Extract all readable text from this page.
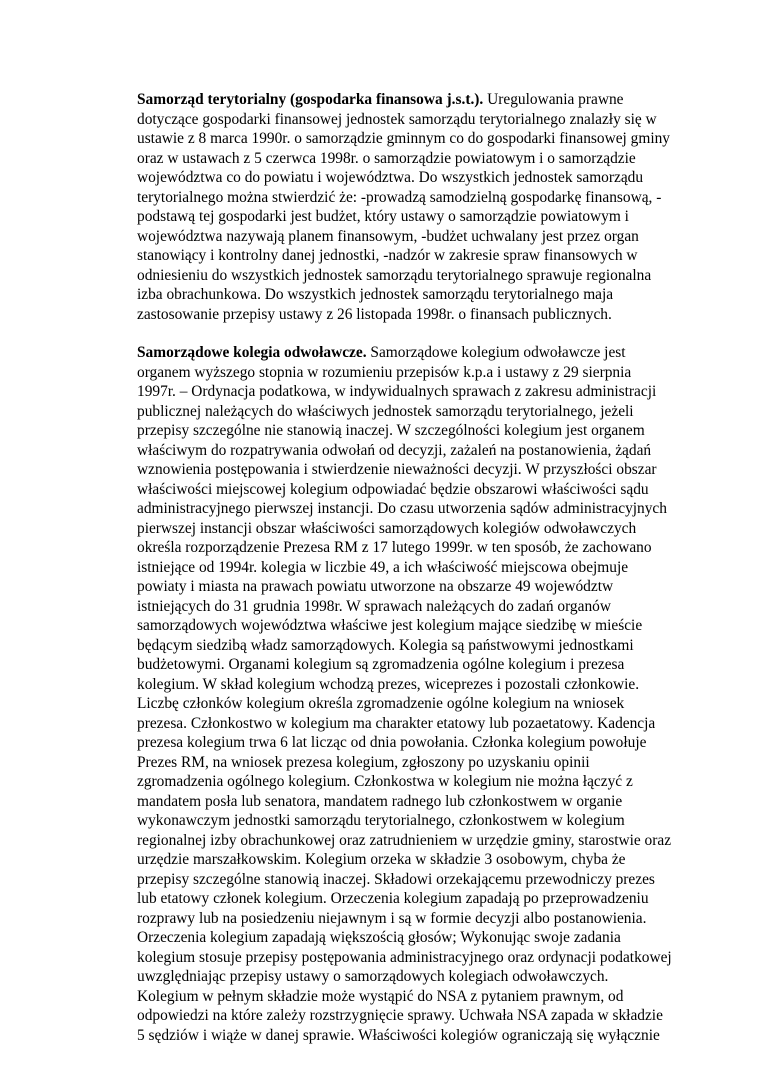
Samorząd terytorialny (gospodarka finansowa j.s.t.). Uregulowania prawne
dotyczące gospodarki finansowej jednostek samorządu terytorialnego znalazły się w
ustawie z 8 marca 1990r. o samorządzie gminnym co do gospodarki finansowej gminy
oraz w ustawach z 5 czerwca 1998r. o samorządzie powiatowym i o samorządzie
województwa co do powiatu i województwa. Do wszystkich jednostek samorządu
terytorialnego można stwierdzić że: -prowadzą samodzielną gospodarkę finansową, -
podstawą tej gospodarki jest budżet, który ustawy o samorządzie powiatowym i
województwa nazywają planem finansowym, -budżet uchwalany jest przez organ
stanowiący i kontrolny danej jednostki, -nadzór w zakresie spraw finansowych w
odniesieniu do wszystkich jednostek samorządu terytorialnego sprawuje regionalna
izba obrachunkowa. Do wszystkich jednostek samorządu terytorialnego maja
zastosowanie przepisy ustawy z 26 listopada 1998r. o finansach publicznych.

Samorządowe kolegia odwoławcze. Samorządowe kolegium odwoławcze jest
organem wyższego stopnia w rozumieniu przepisów k.p.a i ustawy z 29 sierpnia
1997r. – Ordynacja podatkowa, w indywidualnych sprawach z zakresu administracji
publicznej należących do właściwych jednostek samorządu terytorialnego, jeżeli
przepisy szczególne nie stanowią inaczej. W szczególności kolegium jest organem
właściwym do rozpatrywania odwołań od decyzji, zażaleń na postanowienia, żądań
wznowienia postępowania i stwierdzenie nieważności decyzji. W przyszłości obszar
właściwości miejscowej kolegium odpowiadać będzie obszarowi właściwości sądu
administracyjnego pierwszej instancji. Do czasu utworzenia sądów administracyjnych
pierwszej instancji obszar właściwości samorządowych kolegiów odwoławczych
określa rozporządzenie Prezesa RM z 17 lutego 1999r. w ten sposób, że zachowano
istniejące od 1994r. kolegia w liczbie 49, a ich właściwość miejscowa obejmuje
powiaty i miasta na prawach powiatu utworzone na obszarze 49 województw
istniejących do 31 grudnia 1998r. W sprawach należących do zadań organów
samorządowych województwa właściwe jest kolegium mające siedzibę w mieście
będącym siedzibą władz samorządowych. Kolegia są państwowymi jednostkami
budżetowymi. Organami kolegium są zgromadzenia ogólne kolegium i prezesa
kolegium. W skład kolegium wchodzą prezes, wiceprezes i pozostali członkowie.
Liczbę członków kolegium określa zgromadzenie ogólne kolegium na wniosek
prezesa. Członkostwo w kolegium ma charakter etatowy lub pozaetatowy. Kadencja
prezesa kolegium trwa 6 lat licząc od dnia powołania. Członka kolegium powołuje
Prezes RM, na wniosek prezesa kolegium, zgłoszony po uzyskaniu opinii
zgromadzenia ogólnego kolegium. Członkostwa w kolegium nie można łączyć z
mandatem posła lub senatora, mandatem radnego lub członkostwem w organie
wykonawczym jednostki samorządu terytorialnego, członkostwem w kolegium
regionalnej izby obrachunkowej oraz zatrudnieniem w urzędzie gminy, starostwie oraz
urzędzie marszałkowskim. Kolegium orzeka w składzie 3 osobowym, chyba że
przepisy szczególne stanowią inaczej. Składowi orzekającemu przewodniczy prezes
lub etatowy członek kolegium. Orzeczenia kolegium zapadają po przeprowadzeniu
rozprawy lub na posiedzeniu niejawnym i są w formie decyzji albo postanowienia.
Orzeczenia kolegium zapadają większością głosów; Wykonując swoje zadania
kolegium stosuje przepisy postępowania administracyjnego oraz ordynacji podatkowej
uwzględniając przepisy ustawy o samorządowych kolegiach odwoławczych.
Kolegium w pełnym składzie może wystąpić do NSA z pytaniem prawnym, od
odpowiedzi na które zależy rozstrzygnięcie sprawy. Uchwała NSA zapada w składzie
5 sędziów i wiąże w danej sprawie. Właściwości kolegiów ograniczają się wyłącznie
